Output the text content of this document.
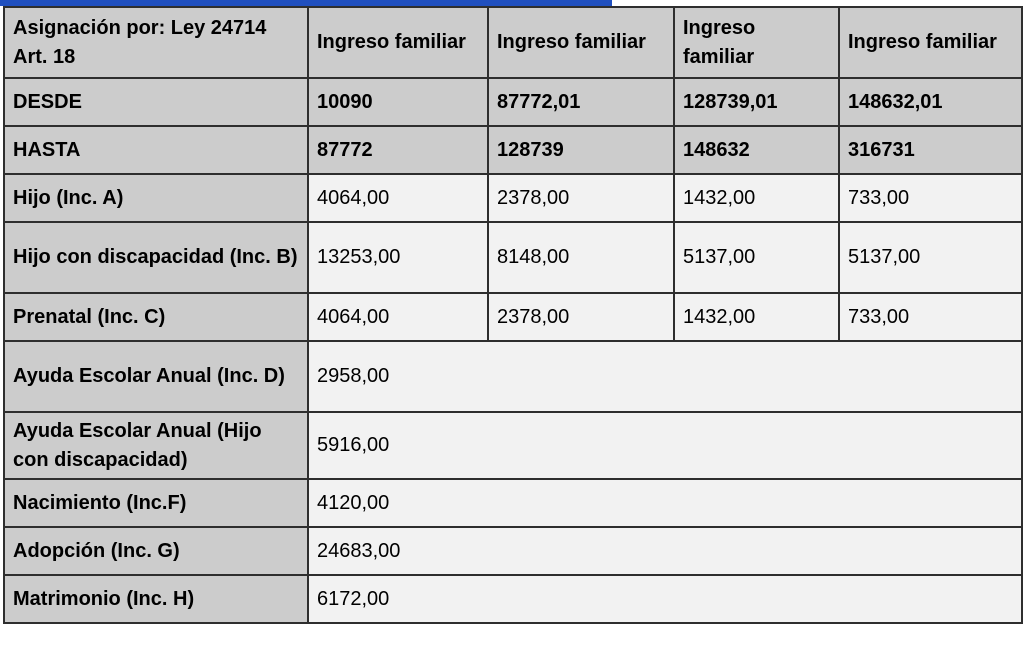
Asignación por: Ley 24714 Art. 18	Ingreso familiar	Ingreso familiar	Ingreso familiar	Ingreso familiar
DESDE	10090	87772,01	128739,01	148632,01
HASTA	87772	128739	148632	316731
Hijo (Inc. A)	4064,00	2378,00	1432,00	733,00
Hijo con discapacidad (Inc. B)	13253,00	8148,00	5137,00	5137,00
Prenatal (Inc. C)	4064,00	2378,00	1432,00	733,00
Ayuda Escolar Anual (Inc. D)	2958,00			
Ayuda Escolar Anual (Hijo con discapacidad)	5916,00			
Nacimiento (Inc.F)	4120,00			
Adopción (Inc. G)	24683,00			
Matrimonio (Inc. H)	6172,00			
